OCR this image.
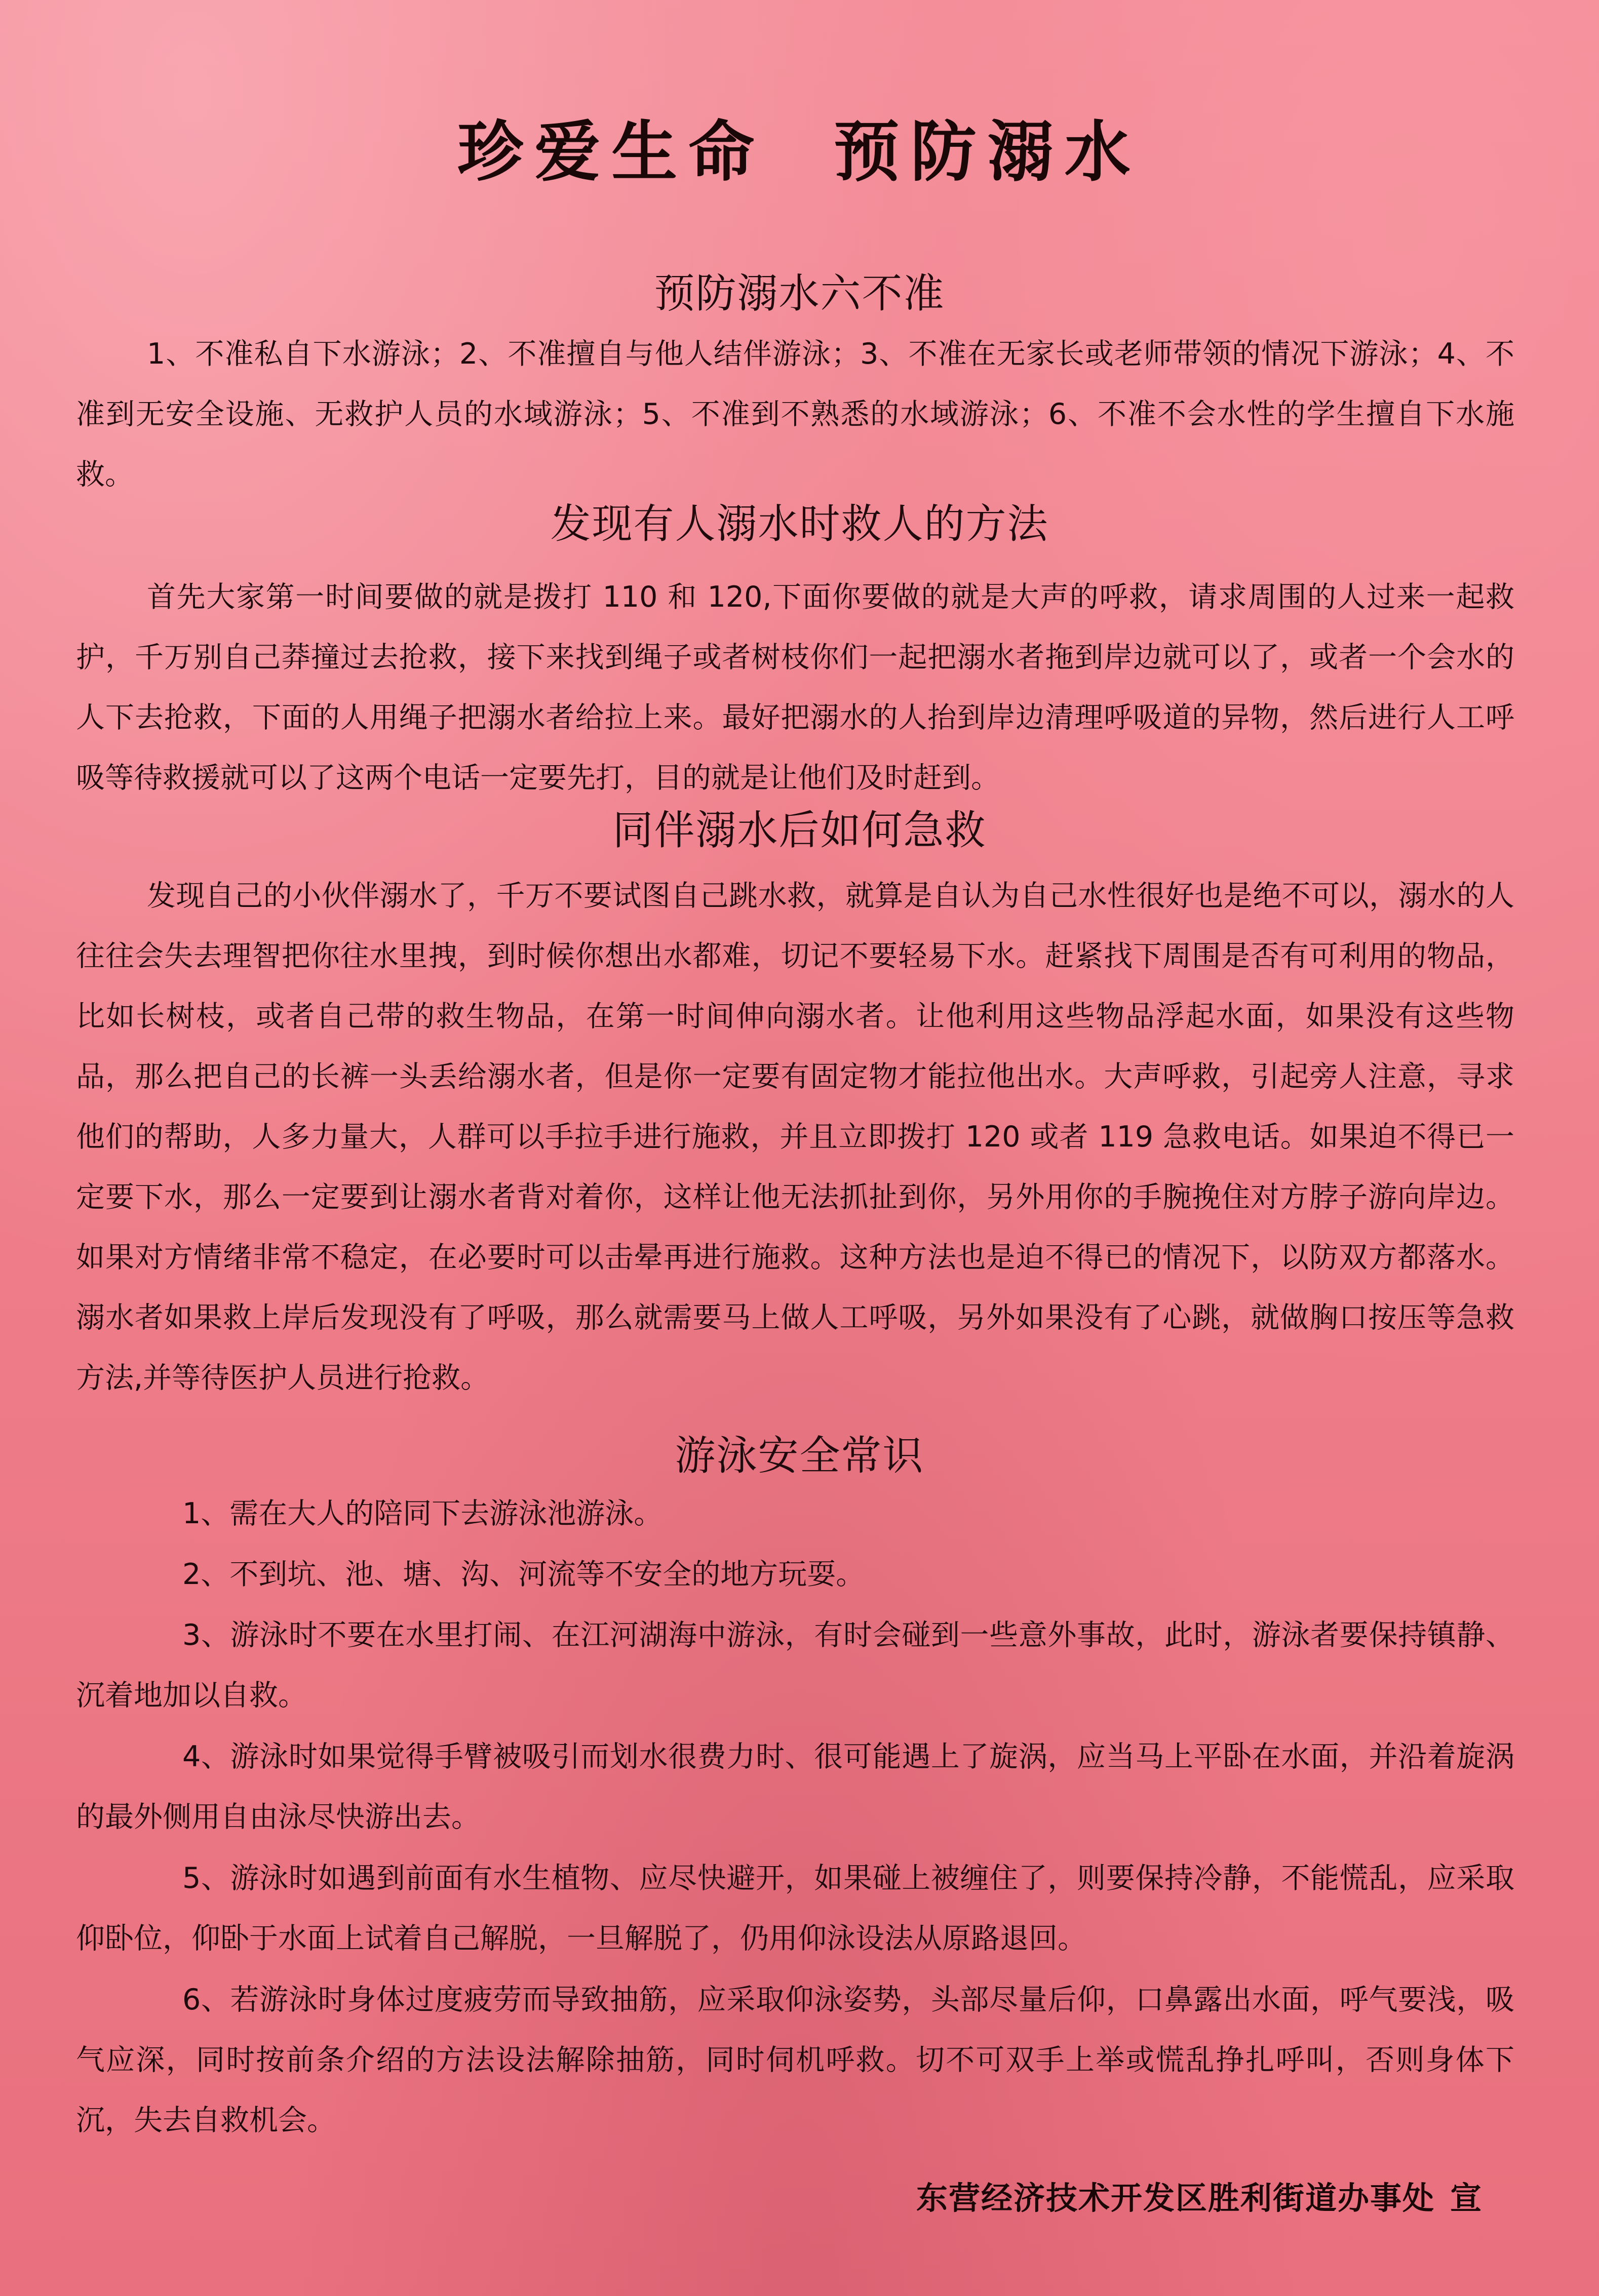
珍爱生命  预防溺水
预防溺水六不准

1、不准私自下水游泳；2、不准擅自与他人结伴游泳；3、不准在无家长或老师带领的情况下游泳；4、不准到无安全设施、无救护人员的水域游泳；5、不准到不熟悉的水域游泳；6、不准不会水性的学生擅自下水施救。

发现有人溺水时救人的方法

首先大家第一时间要做的就是拨打 110 和 120,下面你要做的就是大声的呼救，请求周围的人过来一起救护，千万别自己莽撞过去抢救，接下来找到绳子或者树枝你们一起把溺水者拖到岸边就可以了，或者一个会水的人下去抢救，下面的人用绳子把溺水者给拉上来。最好把溺水的人抬到岸边清理呼吸道的异物，然后进行人工呼吸等待救援就可以了这两个电话一定要先打，目的就是让他们及时赶到。

同伴溺水后如何急救

发现自己的小伙伴溺水了，千万不要试图自己跳水救，就算是自认为自己水性很好也是绝不可以，溺水的人往往会失去理智把你往水里拽，到时候你想出水都难，切记不要轻易下水。赶紧找下周围是否有可利用的物品，比如长树枝，或者自己带的救生物品，在第一时间伸向溺水者。让他利用这些物品浮起水面，如果没有这些物品，那么把自己的长裤一头丢给溺水者，但是你一定要有固定物才能拉他出水。大声呼救，引起旁人注意，寻求他们的帮助，人多力量大，人群可以手拉手进行施救，并且立即拨打 120 或者 119 急救电话。如果迫不得已一定要下水，那么一定要到让溺水者背对着你，这样让他无法抓扯到你，另外用你的手腕挽住对方脖子游向岸边。如果对方情绪非常不稳定，在必要时可以击晕再进行施救。这种方法也是迫不得已的情况下，以防双方都落水。溺水者如果救上岸后发现没有了呼吸，那么就需要马上做人工呼吸，另外如果没有了心跳，就做胸口按压等急救方法,并等待医护人员进行抢救。

游泳安全常识

1、需在大人的陪同下去游泳池游泳。

2、不到坑、池、塘、沟、河流等不安全的地方玩耍。

3、游泳时不要在水里打闹、在江河湖海中游泳，有时会碰到一些意外事故，此时，游泳者要保持镇静、沉着地加以自救。

4、游泳时如果觉得手臂被吸引而划水很费力时、很可能遇上了旋涡，应当马上平卧在水面，并沿着旋涡的最外侧用自由泳尽快游出去。

5、游泳时如遇到前面有水生植物、应尽快避开，如果碰上被缠住了，则要保持冷静，不能慌乱，应采取仰卧位，仰卧于水面上试着自己解脱，一旦解脱了，仍用仰泳设法从原路退回。

6、若游泳时身体过度疲劳而导致抽筋，应采取仰泳姿势，头部尽量后仰，口鼻露出水面，呼气要浅，吸气应深，同时按前条介绍的方法设法解除抽筋，同时伺机呼救。切不可双手上举或慌乱挣扎呼叫，否则身体下沉，失去自救机会。

东营经济技术开发区胜利街道办事处 宣
